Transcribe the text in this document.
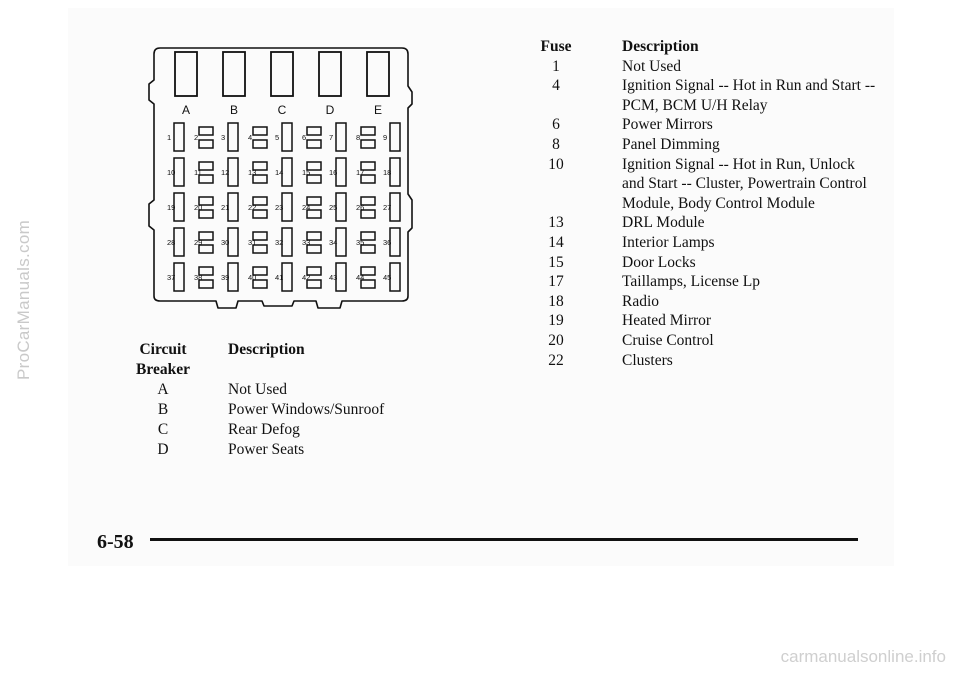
ProCarManuals.com
carmanualsonline.info
A	B	C	D	E
1	2	3	4	5	6	7	8	9
10 11	12 13 14 15 16 17 18
19 20 21 22 23 24 25 26 27
28 29 30 31 32 33 34 35 36
37 38 39 40 41 42 43 44 45
Circuit
Breaker
Description
A	Not Used
B	Power Windows/Sunroof
C	Rear Defog
D	Power Seats
Fuse	Description
1	Not Used
4	Ignition Signal -- Hot in Run and Start -- PCM, BCM U/H Relay
6	Power Mirrors
8	Panel Dimming
10	Ignition Signal -- Hot in Run, Unlock and Start -- Cluster, Powertrain Control Module, Body Control Module
13	DRL Module
14	Interior Lamps
15	Door Locks
17	Taillamps, License Lp
18	Radio
19	Heated Mirror
20	Cruise Control
22	Clusters
6-58
